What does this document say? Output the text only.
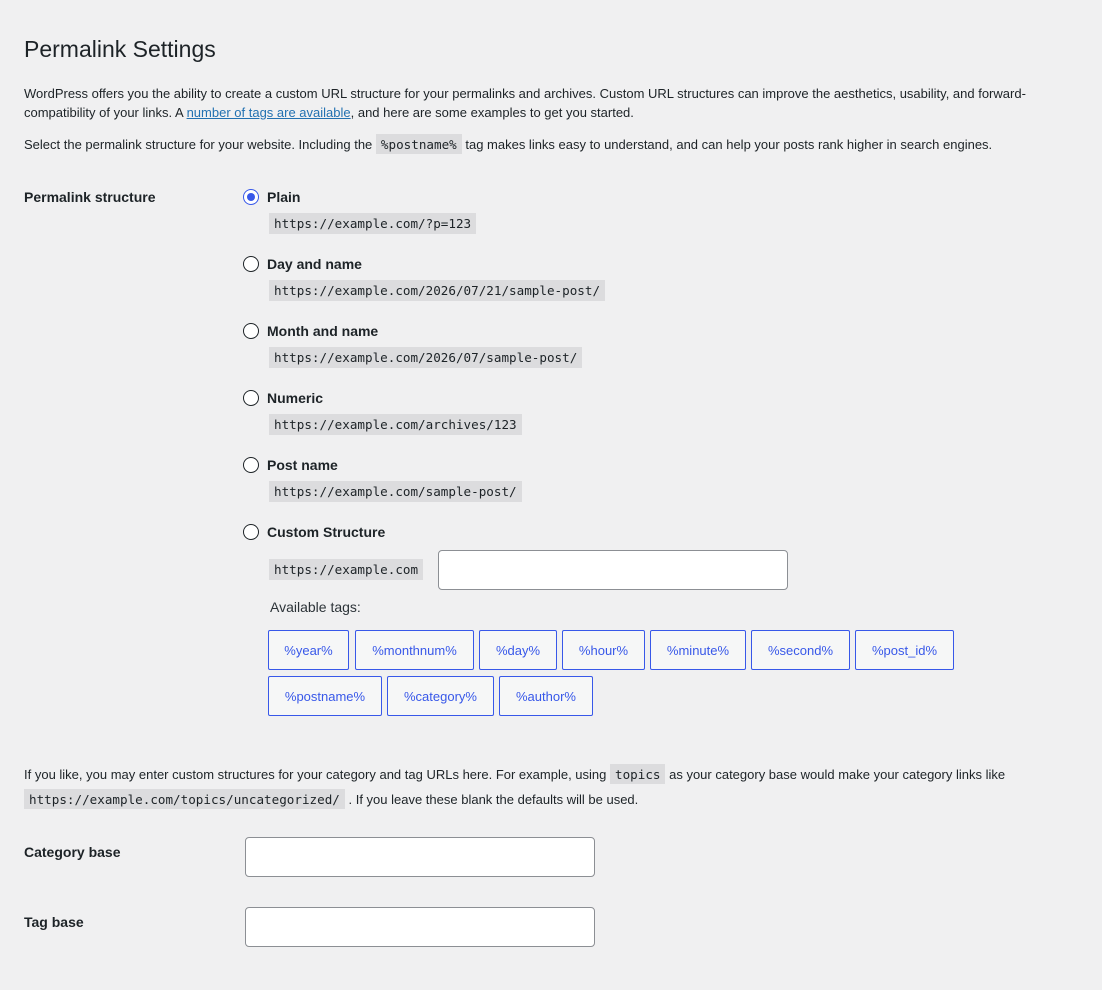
Permalink Settings

WordPress offers you the ability to create a custom URL structure for your permalinks and archives. Custom URL structures can improve the aesthetics, usability, and forward-compatibility of your links. A number of tags are available, and here are some examples to get you started.

Select the permalink structure for your website. Including the %postname% tag makes links easy to understand, and can help your posts rank higher in search engines.

Permalink structure	Plain
https://example.com/?p=123
Day and name
https://example.com/2026/07/21/sample-post/
Month and name
https://example.com/2026/07/sample-post/
Numeric
https://example.com/archives/123
Post name
https://example.com/sample-post/
Custom Structure
https://example.com
Available tags:
%year%	%monthnum%	%day%	%hour%	%minute%	%second%	%post_id%
%postname%	%category%	%author%

If you like, you may enter custom structures for your category and tag URLs here. For example, using topics as your category base would make your category links like
https://example.com/topics/uncategorized/ . If you leave these blank the defaults will be used.

Category base
Tag base
